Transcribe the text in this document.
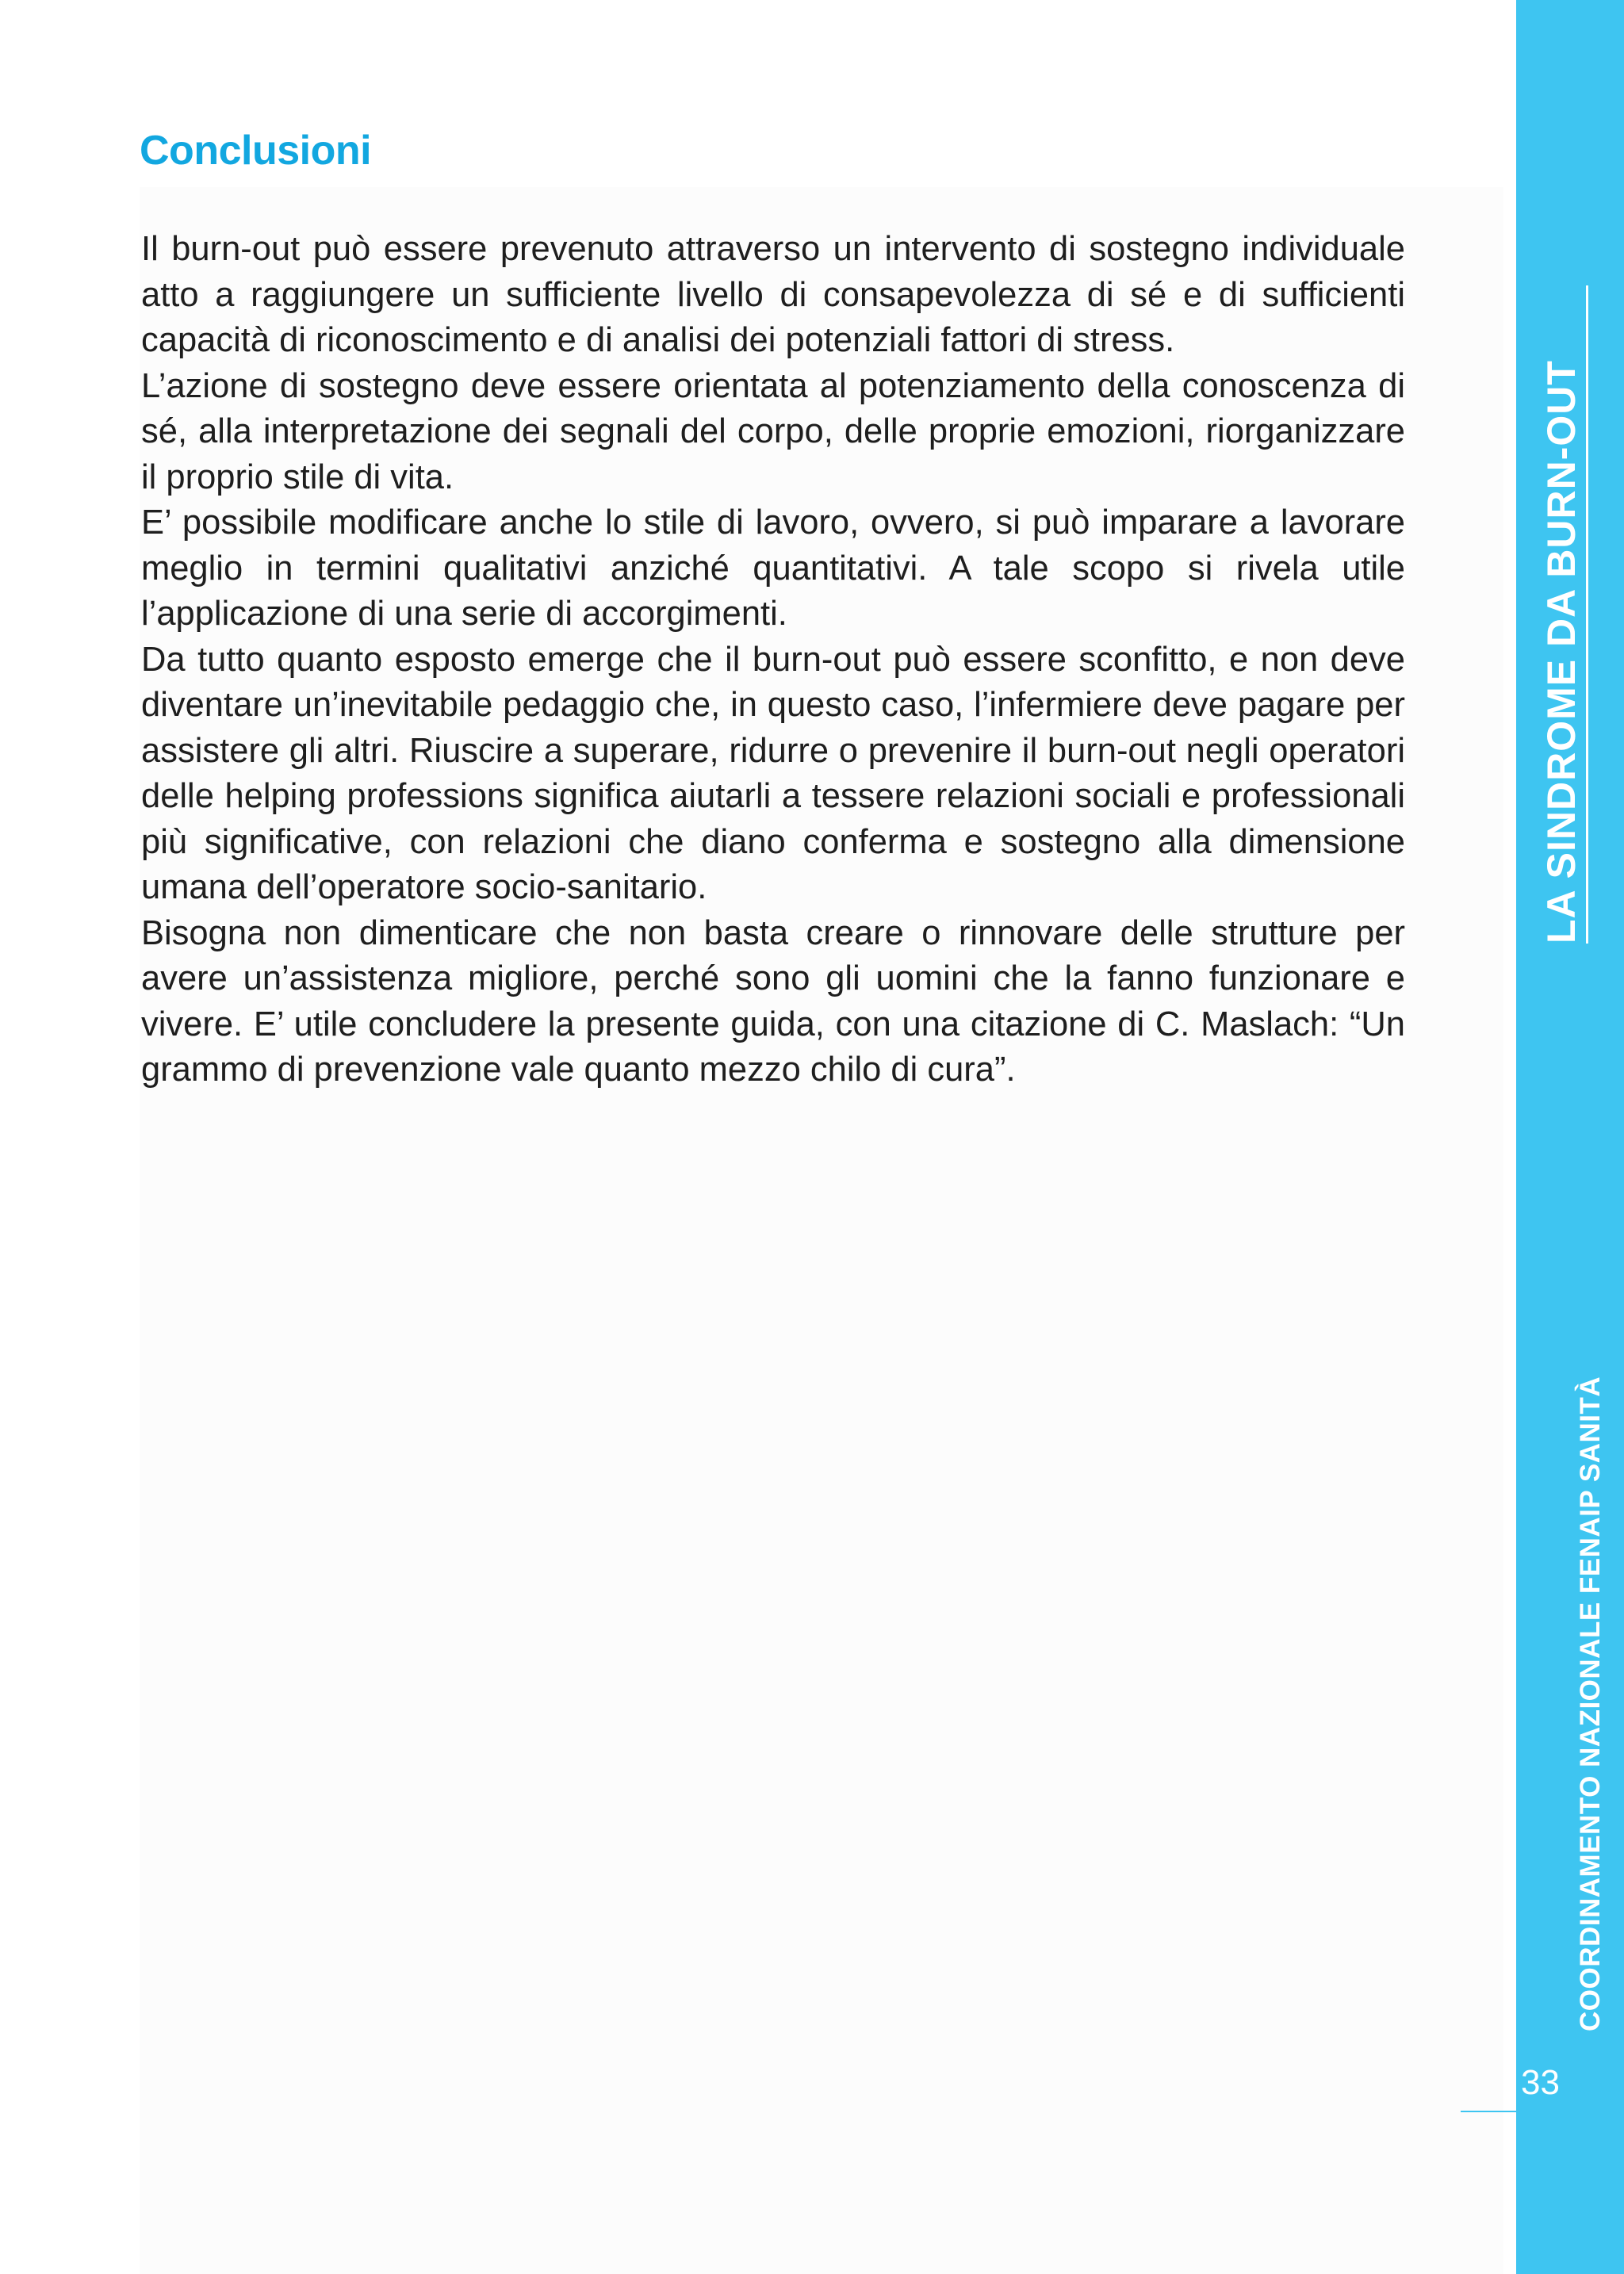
Conclusioni

Il burn-out può essere prevenuto attraverso un intervento di sostegno individuale atto a raggiungere un sufficiente livello di consapevolezza di sé e di sufficienti capacità di riconoscimento e di analisi dei potenziali fattori di stress.

L’azione di sostegno deve essere orientata al potenziamento della conoscenza di sé, alla interpretazione dei segnali del corpo, delle proprie emozioni, riorganizzare il proprio stile di vita.

E’ possibile modificare anche lo stile di lavoro, ovvero, si può imparare a lavorare meglio in termini qualitativi anziché quantitativi. A tale scopo si rivela utile l’applicazione di una serie di accorgimenti.

Da tutto quanto esposto emerge che il burn-out può essere sconfitto, e non deve diventare un’inevitabile pedaggio che, in questo caso, l’infermiere deve pagare per assistere gli altri. Riuscire a superare, ridurre o prevenire il burn-out negli operatori delle helping professions significa aiutarli a tessere relazioni sociali e professionali più significative, con relazioni che diano conferma e sostegno alla dimensione umana dell’operatore socio-sanitario.

Bisogna non dimenticare che non basta creare o rinnovare delle strutture per avere un’assistenza migliore, perché sono gli uomini che la fanno funzionare e vivere. E’ utile concludere la presente guida, con una citazione di C. Maslach: “Un grammo di prevenzione vale quanto mezzo chilo di cura”.

LA SINDROME DA BURN-OUT
COORDINAMENTO NAZIONALE FENAIP SANITÀ
33
